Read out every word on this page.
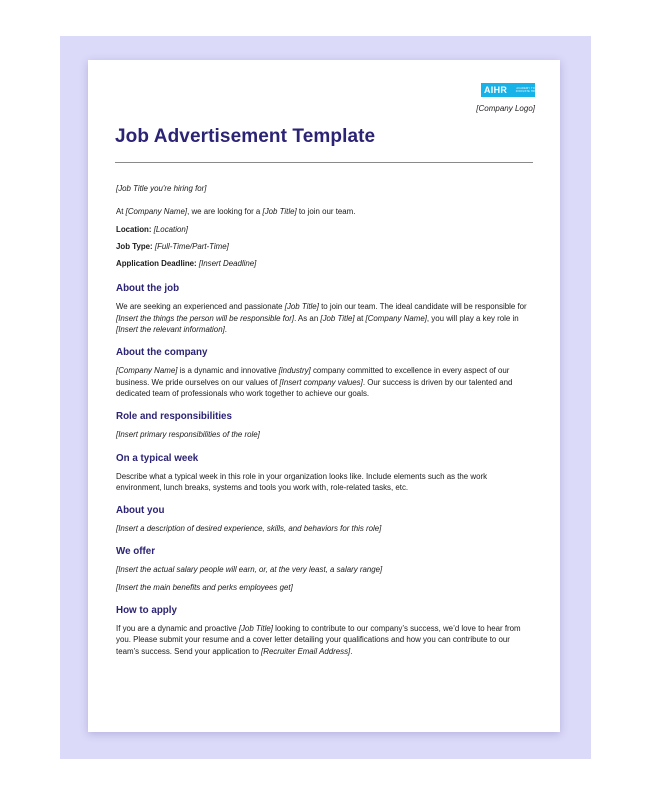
AIHR	ACADEMY TO INNOVATE HR
[Company Logo]
Job Advertisement Template

[Job Title you're hiring for]

At [Company Name], we are looking for a [Job Title] to join our team.

Location: [Location]

Job Type: [Full-Time/Part-Time]

Application Deadline: [Insert Deadline]

About the job

We are seeking an experienced and passionate [Job Title] to join our team. The ideal candidate will be responsible for [Insert the things the person will be responsible for]. As an [Job Title] at [Company Name], you will play a key role in [Insert the relevant information].

About the company

[Company Name] is a dynamic and innovative [industry] company committed to excellence in every aspect of our business. We pride ourselves on our values of [Insert company values]. Our success is driven by our talented and dedicated team of professionals who work together to achieve our goals.

Role and responsibilities

[Insert primary responsibilities of the role]

On a typical week

Describe what a typical week in this role in your organization looks like. Include elements such as the work environment, lunch breaks, systems and tools you work with, role-related tasks, etc.

About you

[Insert a description of desired experience, skills, and behaviors for this role]

We offer

[Insert the actual salary people will earn, or, at the very least, a salary range]

[Insert the main benefits and perks employees get]

How to apply

If you are a dynamic and proactive [Job Title] looking to contribute to our company’s success, we’d love to hear from you. Please submit your resume and a cover letter detailing your qualifications and how you can contribute to our team’s success. Send your application to [Recruiter Email Address].
